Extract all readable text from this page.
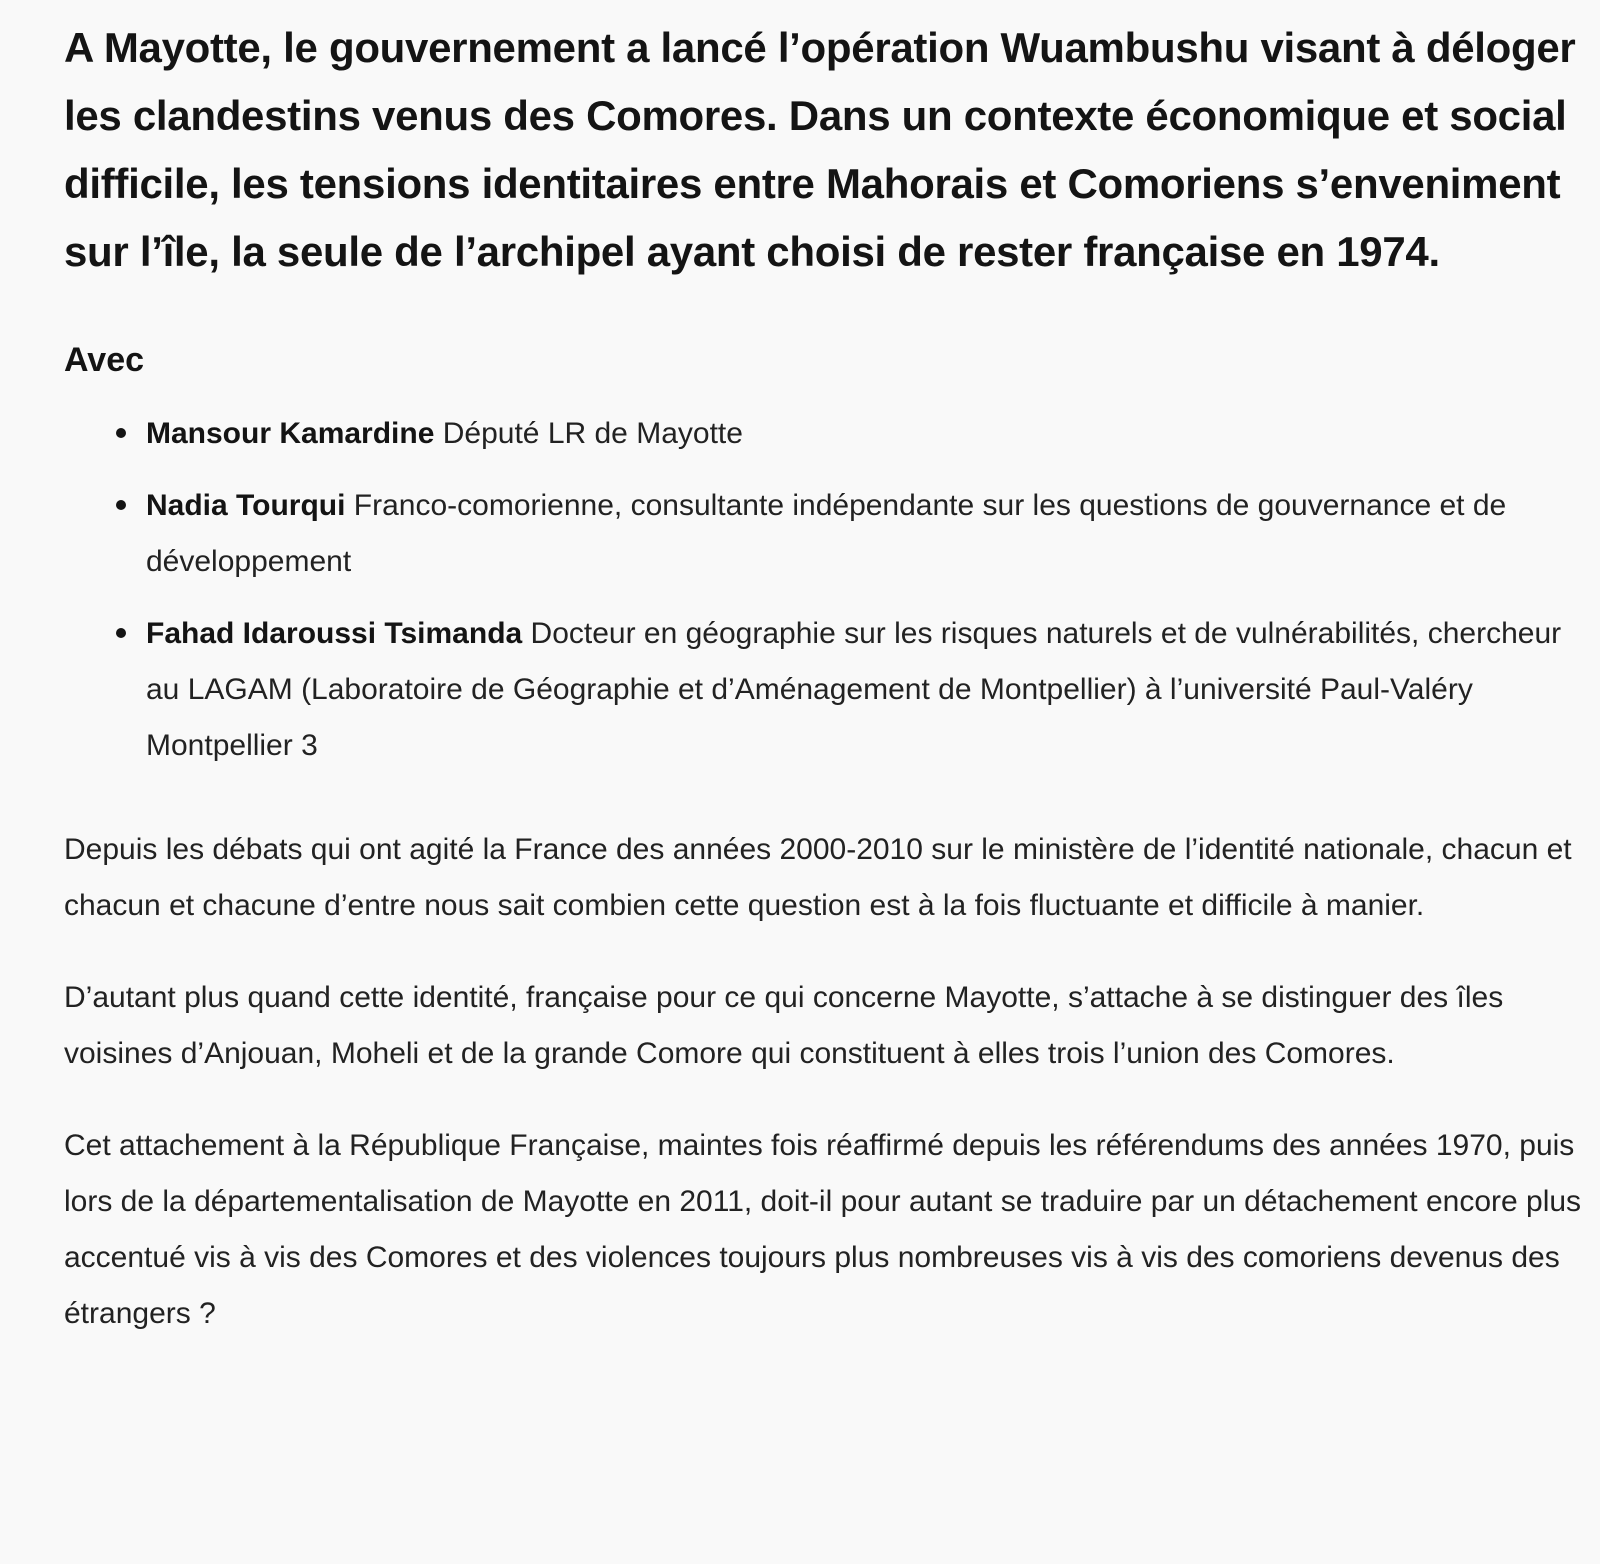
A Mayotte, le gouvernement a lancé l’opération Wuambushu visant à déloger les clandestins venus des Comores. Dans un contexte économique et social difficile, les tensions identitaires entre Mahorais et Comoriens s’enveniment sur l’île, la seule de l’archipel ayant choisi de rester française en 1974.

Avec
Mansour Kamardine Député LR de Mayotte
Nadia Tourqui Franco-comorienne, consultante indépendante sur les questions de gouvernance et de développement
Fahad Idaroussi Tsimanda Docteur en géographie sur les risques naturels et de vulnérabilités, chercheur au LAGAM (Laboratoire de Géographie et d’Aménagement de Montpellier) à l’université Paul-Valéry Montpellier 3

Depuis les débats qui ont agité la France des années 2000-2010 sur le ministère de l’identité nationale, chacun et chacun et chacune d’entre nous sait combien cette question est à la fois fluctuante et difficile à manier.

D’autant plus quand cette identité, française pour ce qui concerne Mayotte, s’attache à se distinguer des îles voisines d’Anjouan, Moheli et de la grande Comore qui constituent à elles trois l’union des Comores.

Cet attachement à la République Française, maintes fois réaffirmé depuis les référendums des années 1970, puis lors de la départementalisation de Mayotte en 2011, doit-il pour autant se traduire par un détachement encore plus accentué vis à vis des Comores et des violences toujours plus nombreuses vis à vis des comoriens devenus des étrangers ?
